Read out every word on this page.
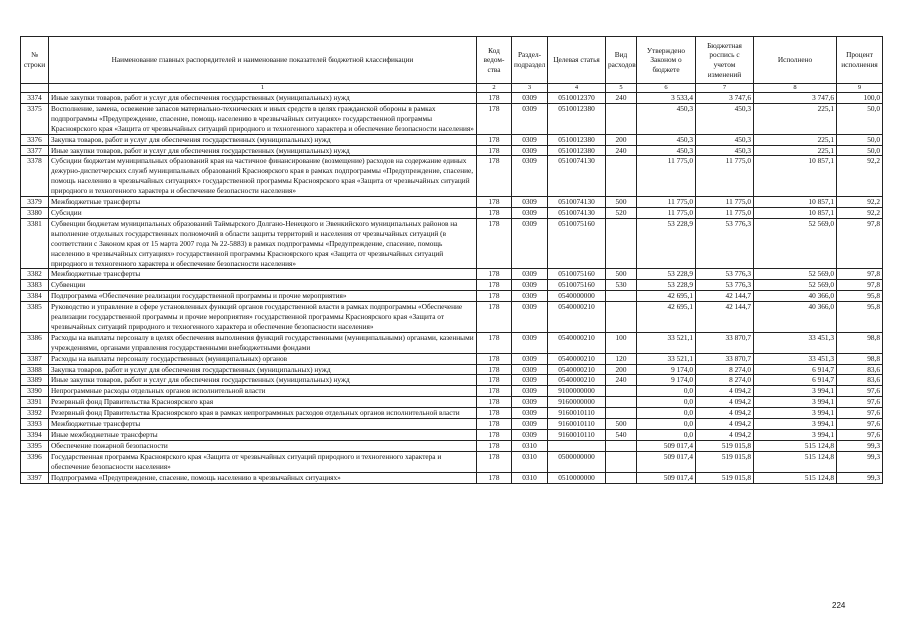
№ строки	Наименование главных распорядителей и наименование показателей бюджетной классификации	Код ведом-ства	Раздел-подраздел	Целевая статья	Вид расходов	Утверждено Законом о бюджете	Бюджетная роспись с учетом изменений	Исполнено	Процент исполнения
	1	2	3	4	5	6	7	8	9
3374	Иные закупки товаров, работ и услуг для обеспечения государственных (муниципальных) нужд	178	0309	0510012370	240	3 533,4	3 747,6	3 747,6	100,0
3375	Восполнение, замена, освежение запасов материально-технических и иных средств в целях гражданской обороны в рамках подпрограммы «Предупреждение, спасение, помощь населению в чрезвычайных ситуациях» государственной программы Красноярского края «Защита от чрезвычайных ситуаций природного и техногенного характера и обеспечение безопасности населения»	178	0309	0510012380		450,3	450,3	225,1	50,0
3376	Закупка товаров, работ и услуг для обеспечения государственных (муниципальных) нужд	178	0309	0510012380	200	450,3	450,3	225,1	50,0
3377	Иные закупки товаров, работ и услуг для обеспечения государственных (муниципальных) нужд	178	0309	0510012380	240	450,3	450,3	225,1	50,0
3378	Субсидии бюджетам муниципальных образований края на частичное финансирование (возмещение) расходов на содержание единых дежурно-диспетчерских служб муниципальных образований Красноярского края в рамках подпрограммы «Предупреждение, спасение, помощь населению в чрезвычайных ситуациях» государственной программы Красноярского края «Защита от чрезвычайных ситуаций природного и техногенного характера и обеспечение безопасности населения»	178	0309	0510074130		11 775,0	11 775,0	10 857,1	92,2
3379	Межбюджетные трансферты	178	0309	0510074130	500	11 775,0	11 775,0	10 857,1	92,2
3380	Субсидии	178	0309	0510074130	520	11 775,0	11 775,0	10 857,1	92,2
3381	Субвенции бюджетам муниципальных образований Таймырского Долгано-Ненецкого и Эвенкийского муниципальных районов на выполнение отдельных государственных полномочий в области защиты территорий и населения от чрезвычайных ситуаций (в соответствии с Законом края от 15 марта 2007 года № 22-5883) в рамках подпрограммы «Предупреждение, спасение, помощь населению в чрезвычайных ситуациях» государственной программы Красноярского края «Защита от чрезвычайных ситуаций природного и техногенного характера и обеспечение безопасности населения»	178	0309	0510075160		53 228,9	53 776,3	52 569,0	97,8
3382	Межбюджетные трансферты	178	0309	0510075160	500	53 228,9	53 776,3	52 569,0	97,8
3383	Субвенции	178	0309	0510075160	530	53 228,9	53 776,3	52 569,0	97,8
3384	Подпрограмма «Обеспечение реализации государственной программы и прочие мероприятия»	178	0309	0540000000		42 695,1	42 144,7	40 366,0	95,8
3385	Руководство и управление в сфере установленных функций органов государственной власти в рамках подпрограммы «Обеспечение реализации государственной программы и прочие мероприятия» государственной программы Красноярского края «Защита от чрезвычайных ситуаций природного и техногенного характера и обеспечение безопасности населения»	178	0309	0540000210		42 695,1	42 144,7	40 366,0	95,8
3386	Расходы на выплаты персоналу в целях обеспечения выполнения функций государственными (муниципальными) органами, казенными учреждениями, органами управления государственными внебюджетными фондами	178	0309	0540000210	100	33 521,1	33 870,7	33 451,3	98,8
3387	Расходы на выплаты персоналу государственных (муниципальных) органов	178	0309	0540000210	120	33 521,1	33 870,7	33 451,3	98,8
3388	Закупка товаров, работ и услуг для обеспечения государственных (муниципальных) нужд	178	0309	0540000210	200	9 174,0	8 274,0	6 914,7	83,6
3389	Иные закупки товаров, работ и услуг для обеспечения государственных (муниципальных) нужд	178	0309	0540000210	240	9 174,0	8 274,0	6 914,7	83,6
3390	Непрограммные расходы отдельных органов исполнительной власти	178	0309	9100000000		0,0	4 094,2	3 994,1	97,6
3391	Резервный фонд Правительства Красноярского края	178	0309	9160000000		0,0	4 094,2	3 994,1	97,6
3392	Резервный фонд Правительства Красноярского края в рамках непрограммных расходов отдельных органов исполнительной власти	178	0309	9160010110		0,0	4 094,2	3 994,1	97,6
3393	Межбюджетные трансферты	178	0309	9160010110	500	0,0	4 094,2	3 994,1	97,6
3394	Иные межбюджетные трансферты	178	0309	9160010110	540	0,0	4 094,2	3 994,1	97,6
3395	Обеспечение пожарной безопасности	178	0310			509 017,4	519 015,8	515 124,8	99,3
3396	Государственная программа Красноярского края «Защита от чрезвычайных ситуаций природного и техногенного характера и обеспечение безопасности населения»	178	0310	0500000000		509 017,4	519 015,8	515 124,8	99,3
3397	Подпрограмма «Предупреждение, спасение, помощь населению в чрезвычайных ситуациях»	178	0310	0510000000		509 017,4	519 015,8	515 124,8	99,3
224
